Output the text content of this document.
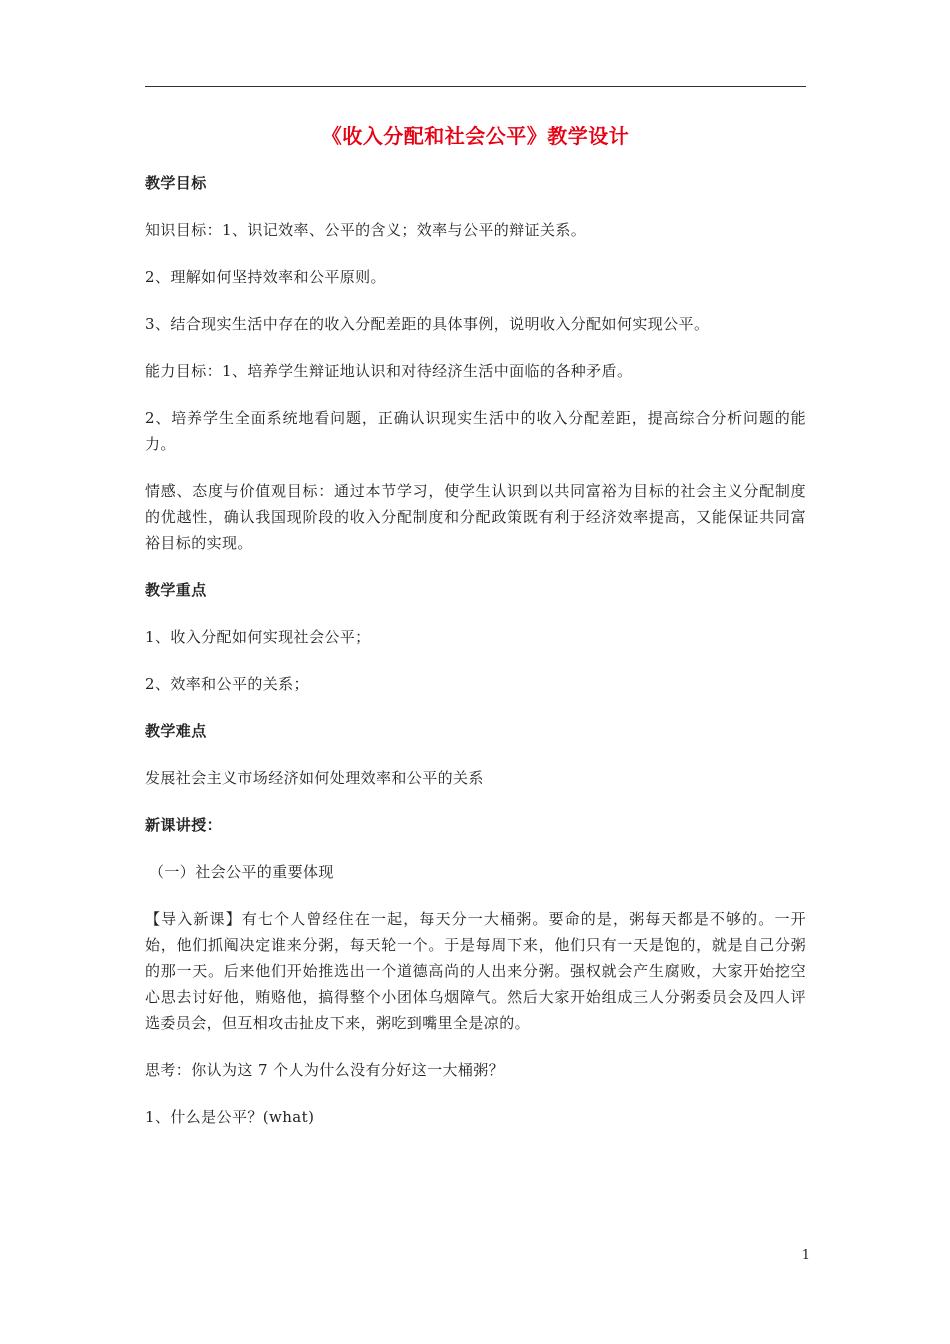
《收入分配和社会公平》教学设计

教学目标

知识目标：1、识记效率、公平的含义；效率与公平的辩证关系。

2、理解如何坚持效率和公平原则。

3、结合现实生活中存在的收入分配差距的具体事例，说明收入分配如何实现公平。

能力目标：1、培养学生辩证地认识和对待经济生活中面临的各种矛盾。

2、培养学生全面系统地看问题，正确认识现实生活中的收入分配差距，提高综合分析问题的能力。

情感、态度与价值观目标：通过本节学习，使学生认识到以共同富裕为目标的社会主义分配制度的优越性，确认我国现阶段的收入分配制度和分配政策既有利于经济效率提高，又能保证共同富裕目标的实现。

教学重点

1、收入分配如何实现社会公平；

2、效率和公平的关系；

教学难点

发展社会主义市场经济如何处理效率和公平的关系

新课讲授：

（一）社会公平的重要体现

【导入新课】有七个人曾经住在一起，每天分一大桶粥。要命的是，粥每天都是不够的。一开始，他们抓阄决定谁来分粥，每天轮一个。于是每周下来，他们只有一天是饱的，就是自己分粥的那一天。后来他们开始推选出一个道德高尚的人出来分粥。强权就会产生腐败，大家开始挖空心思去讨好他，贿赂他，搞得整个小团体乌烟障气。然后大家开始组成三人分粥委员会及四人评选委员会，但互相攻击扯皮下来，粥吃到嘴里全是凉的。

思考：你认为这 7 个人为什么没有分好这一大桶粥？

1、什么是公平？(what)

1
